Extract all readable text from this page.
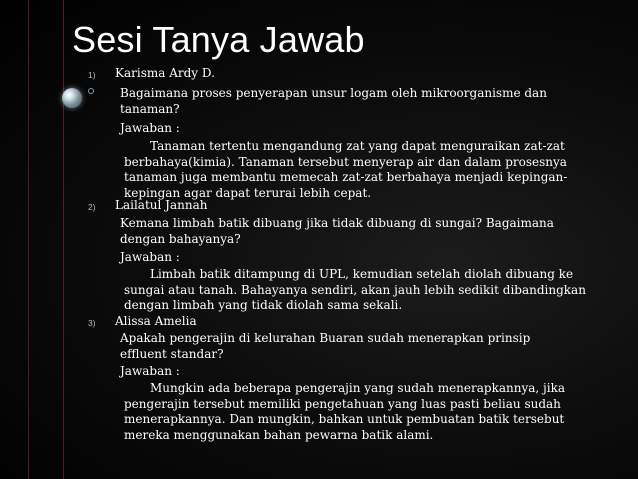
Sesi Tanya Jawab
1) Karisma Ardy D.

Bagaimana proses penyerapan unsur logam oleh mikroorganisme dan tanaman?

Jawaban :

Tanaman tertentu mengandung zat yang dapat menguraikan zat-zat berbahaya(kimia). Tanaman tersebut menyerap air dan dalam prosesnya tanaman juga membantu memecah zat-zat berbahaya menjadi kepingan-kepingan agar dapat terurai lebih cepat.

2) Lailatul Jannah

Kemana limbah batik dibuang jika tidak dibuang di sungai? Bagaimana dengan bahayanya?

Jawaban :

Limbah batik ditampung di UPL, kemudian setelah diolah dibuang ke sungai atau tanah. Bahayanya sendiri, akan jauh lebih sedikit dibandingkan dengan limbah yang tidak diolah sama sekali.

3) Alissa Amelia

Apakah pengerajin di kelurahan Buaran sudah menerapkan prinsip effluent standar?

Jawaban :

Mungkin ada beberapa pengerajin yang sudah menerapkannya, jika pengerajin tersebut memiliki pengetahuan yang luas pasti beliau sudah menerapkannya. Dan mungkin, bahkan untuk pembuatan batik tersebut mereka menggunakan bahan pewarna batik alami.
